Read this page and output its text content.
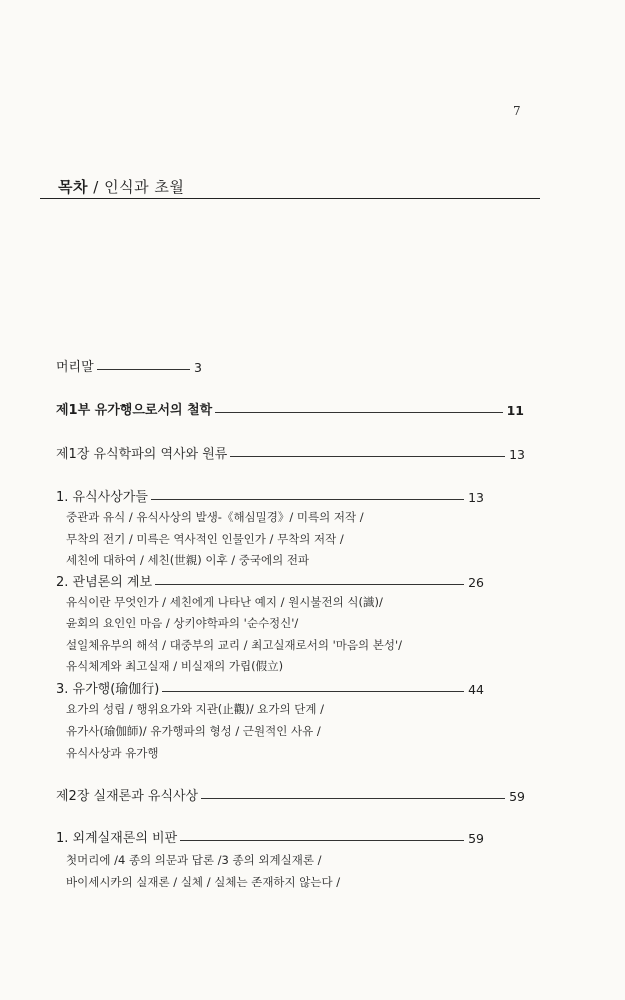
7
목차 / 인식과 초월
머리말	3
제1부 유가행으로서의 철학	11
제1장 유식학파의 역사와 원류	13
1. 유식사상가들	13
중관과 유식 / 유식사상의 발생-《해심밀경》/ 미륵의 저작 /
무착의 전기 / 미륵은 역사적인 인물인가 / 무착의 저작 /
세친에 대하여 / 세친(世親) 이후 / 중국에의 전파
2. 관념론의 계보	26
유식이란 무엇인가 / 세친에게 나타난 예지 / 원시불전의 식(識)/
윤회의 요인인 마음 / 상키야학파의 '순수정신'/
설일체유부의 해석 / 대중부의 교리 / 최고실재로서의 '마음의 본성'/
유식체계와 최고실재 / 비실재의 가립(假立)
3. 유가행(瑜伽行)	44
요가의 성립 / 행위요가와 지관(止觀)/ 요가의 단계 /
유가사(瑜伽師)/ 유가행파의 형성 / 근원적인 사유 /
유식사상과 유가행
제2장 실재론과 유식사상	59
1. 외계실재론의 비판	59
첫머리에 /4 종의 의문과 답론 /3 종의 외계실재론 /
바이세시카의 실재론 / 실체 / 실체는 존재하지 않는다 /
